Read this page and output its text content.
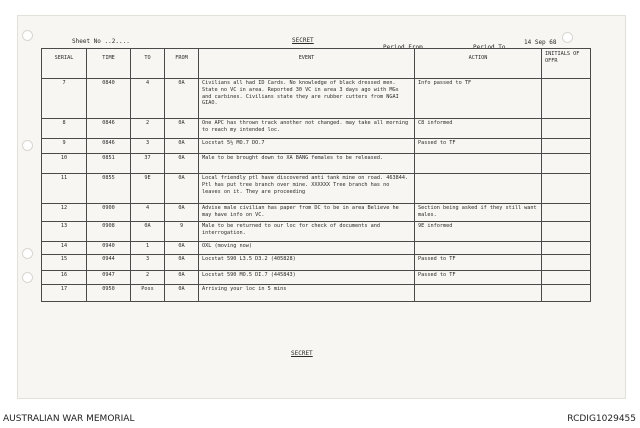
Sheet No ..2....	SECRET
Period From .......... Period To .......
14 Sep 68
SERIAL	TIME	TO	FROM	EVENT	ACTION	INITIALS OF OFFR
7	0840	4	0A	Civilians all had ID Cards. No knowledge of black dressed men. State no VC in area. Reported 30 VC in area 3 days ago with MGs and carbines. Civilians state they are rubber cutters from NGAI GIAO.	Info passed to TF	
8	0846	2	0A	One APC has thrown track another not changed. may take all morning to reach my intended loc.	C8 informed	
9	0846	3	0A	Locstat 5½ MO.7 DO.7	Passed to TF	
10	0851	37	0A	Male to be brought down to XA BANG females to be released.		
11	0855	9E	0A	Local friendly ptl have discovered anti tank mine on road. 463844. Ptl has put tree branch over mine. XXXXXX Tree branch has no leaves on it. They are proceeding		
12	0900	4	0A	Advise male civilian has paper from DC to be in area Believe he may have info on VC.	Section being asked if they still want males.	
13	0908	0A	9	Male to be returned to our loc for check of documents and interrogation.	9E informed	
14	0940	1	0A	OXL (moving now)		
15	0944	3	0A	Locstat 590 L3.5 D3.2 (405828)	Passed to TF	
16	0947	2	0A	Locstat 590 MO.5 DI.7 (445843)	Passed to TF	
17	0950	Poss	0A	Arriving your loc in 5 mins		
SECRET
AUSTRALIAN WAR MEMORIAL	RCDIG1029455
